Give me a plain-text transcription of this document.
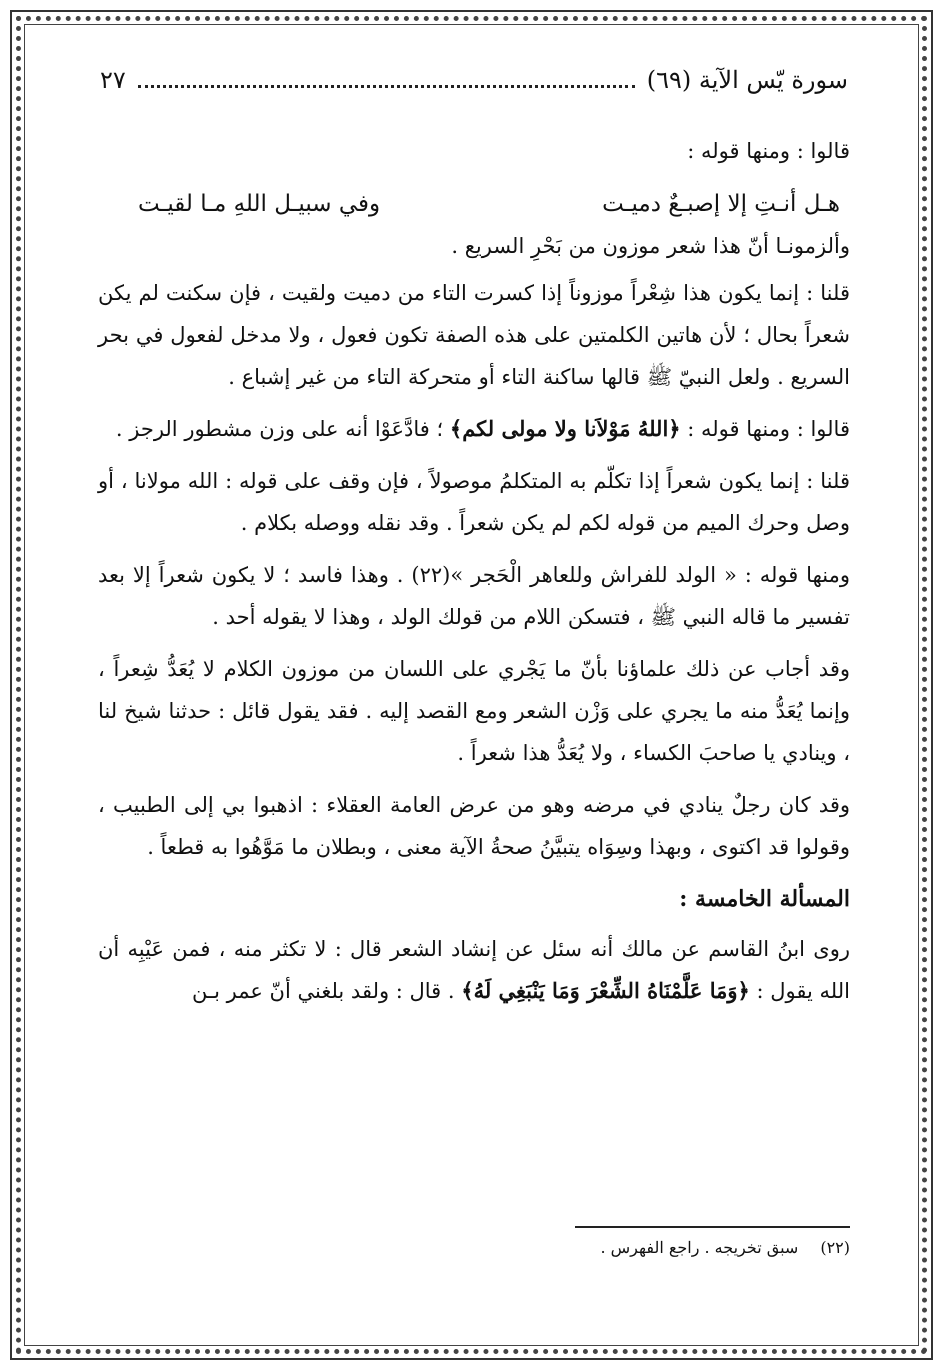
سورة يّس الآية (٦٩)
٢٧

قالوا : ومنها قوله :

هـل أنـتِ إلا إصبـعٌ دميـت
وفي سبيـل اللهِ مـا لقيـت
وألزمونـا أنّ هذا شعر موزون من بَحْرِ السريع .

قلنا : إنما يكون هذا شِعْراً موزوناً إذا كسرت التاء من دميت ولقيت ، فإن سكنت لم يكن شعراً بحال ؛ لأن هاتين الكلمتين على هذه الصفة تكون فعول ، ولا مدخل لفعول في بحر السريع . ولعل النبيّ ﷺ قالها ساكنة التاء أو متحركة التاء من غير إشباع .

قالوا : ومنها قوله : ﴿اللهُ مَوْلاَنا ولا مولى لكم﴾ ؛ فادَّعَوْا أنه على وزن مشطور الرجز .

قلنا : إنما يكون شعراً إذا تكلّم به المتكلمُ موصولاً ، فإن وقف على قوله : الله مولانا ، أو وصل وحرك الميم من قوله لكم لم يكن شعراً . وقد نقله ووصله بكلام .

ومنها قوله : « الولد للفراش وللعاهر الْحَجر »(٢٢) . وهذا فاسد ؛ لا يكون شعراً إلا بعد تفسير ما قاله النبي ﷺ ، فتسكن اللام من قولك الولد ، وهذا لا يقوله أحد .

وقد أجاب عن ذلك علماؤنا بأنّ ما يَجْري على اللسان من موزون الكلام لا يُعَدُّ شِعراً ، وإنما يُعَدُّ منه ما يجري على وَزْن الشعر ومع القصد إليه . فقد يقول قائل : حدثنا شيخ لنا ، وينادي يا صاحبَ الكساء ، ولا يُعَدُّ هذا شعراً .

وقد كان رجلٌ ينادي في مرضه وهو من عرض العامة العقلاء : اذهبوا بي إلى الطبيب ، وقولوا قد اكتوى ، وبهذا وسِوَاه يتبيَّنُ صحةُ الآية معنى ، وبطلان ما مَوَّهُوا به قطعاً .

المسألة الخامسة :

روى ابنُ القاسم عن مالك أنه سئل عن إنشاد الشعر قال : لا تكثر منه ، فمن عَيْبِه أن الله يقول : ﴿وَمَا عَلَّمْنَاهُ الشِّعْرَ وَمَا يَنْبَغِي لَهُ﴾ . قال : ولقد بلغني أنّ عمر بـن

(٢٢)سبق تخريجه . راجع الفهرس .
